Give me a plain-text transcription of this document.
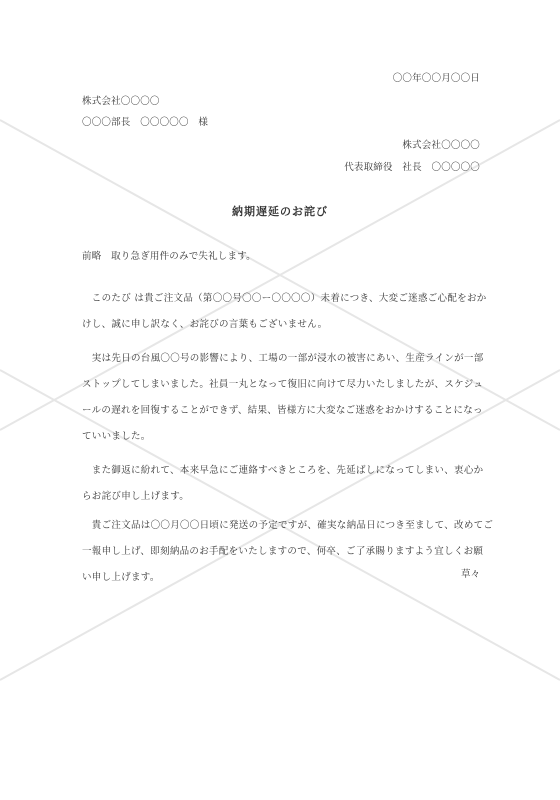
〇〇年〇〇月〇〇日
株式会社〇〇〇〇
〇〇〇部長　〇〇〇〇〇　様
株式会社〇〇〇〇
代表取締役　社長　〇〇〇〇〇
納期遅延のお詫び
前略　取り急ぎ用件のみで失礼します。

　このたび は貴ご注文品（第〇〇号〇〇ー〇〇〇〇）未着につき、大変ご迷惑ご心配をおか

けし、誠に申し訳なく、お詫びの言葉もございません。

　実は先日の台風〇〇号の影響により、工場の一部が浸水の被害にあい、生産ラインが一部

ストップしてしまいました。社員一丸となって復旧に向けて尽力いたしましたが、スケジュ

ールの遅れを回復することができず、結果、皆様方に大変なご迷惑をおかけすることになっ

ていいました。

　また御返に紛れて、本来早急にご連絡すべきところを、先延ばしになってしまい、衷心か

らお詫び申し上げます。

　貴ご注文品は〇〇月〇〇日頃に発送の予定ですが、確実な納品日につき至まして、改めてご

一報申し上げ、即刻納品のお手配をいたしますので、何卒、ご了承賜りますよう宜しくお願

い申し上げます。	草々
